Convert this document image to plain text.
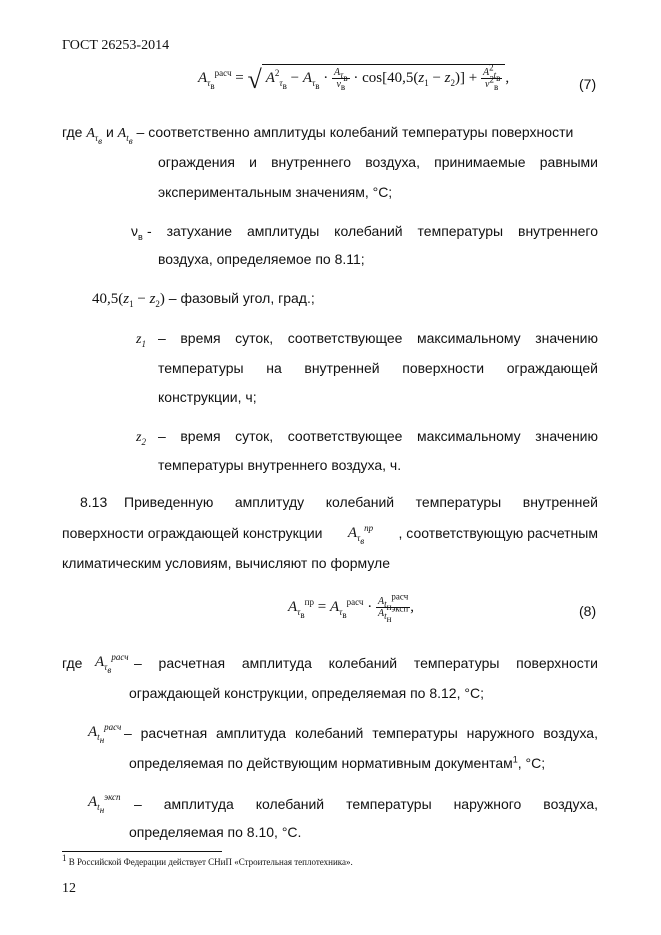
ГОСТ 26253-2014
$A_{\tau_в}^{расч}$ = √ $A^2_{\tau_в} - A_{\tau_в} \cdot \frac{A_{\tau_в}}{\nu_в} \cdot \cos[40,5(z_1 - z_2)] + \frac{A^2_{t_в}}{\nu^2_в}$ ,	(7)
где $A_{\tau_в}$ и $A_{t_в}$ – соответственно амплитуды колебаний температуры поверхности
ограждения и внутреннего воздуха, принимаемые равными
экспериментальным значениям, °С;
$\nu_в$ - затухание амплитуды колебаний температуры внутреннего
воздуха, определяемое по 8.11;
$40,5(z_1 - z_2)$ – фазовый угол, град.;
$z_1$ – время суток, соответствующее максимальному значению
температуры на внутренней поверхности ограждающей
конструкции, ч;
$z_2$ – время суток, соответствующее максимальному значению
температуры внутреннего воздуха, ч.
8.13 Приведенную амплитуду колебаний температуры внутренней
поверхности ограждающей конструкции $A_{\tau_в}^{пр}$ , соответствующую расчетным
климатическим условиям, вычисляют по формуле
$A_{\tau_в}^{пр} = A_{\tau_в}^{расч} \cdot \frac{A_{t_н}^{расч}}{A_{t_н}^{эксп}}$ ,	(8)
где $A_{\tau_в}^{расч}$ – расчетная амплитуда колебаний температуры поверхности
ограждающей конструкции, определяемая по 8.12, °С;
$A_{t_н}^{расч}$ – расчетная амплитуда колебаний температуры наружного воздуха,
определяемая по действующим нормативным документам$^1$, °С;
$A_{t_н}^{эксп}$ – амплитуда колебаний температуры наружного воздуха,
определяемая по 8.10, °С.
$^1$ В Российской Федерации действует СНиП «Строительная теплотехника».
12
